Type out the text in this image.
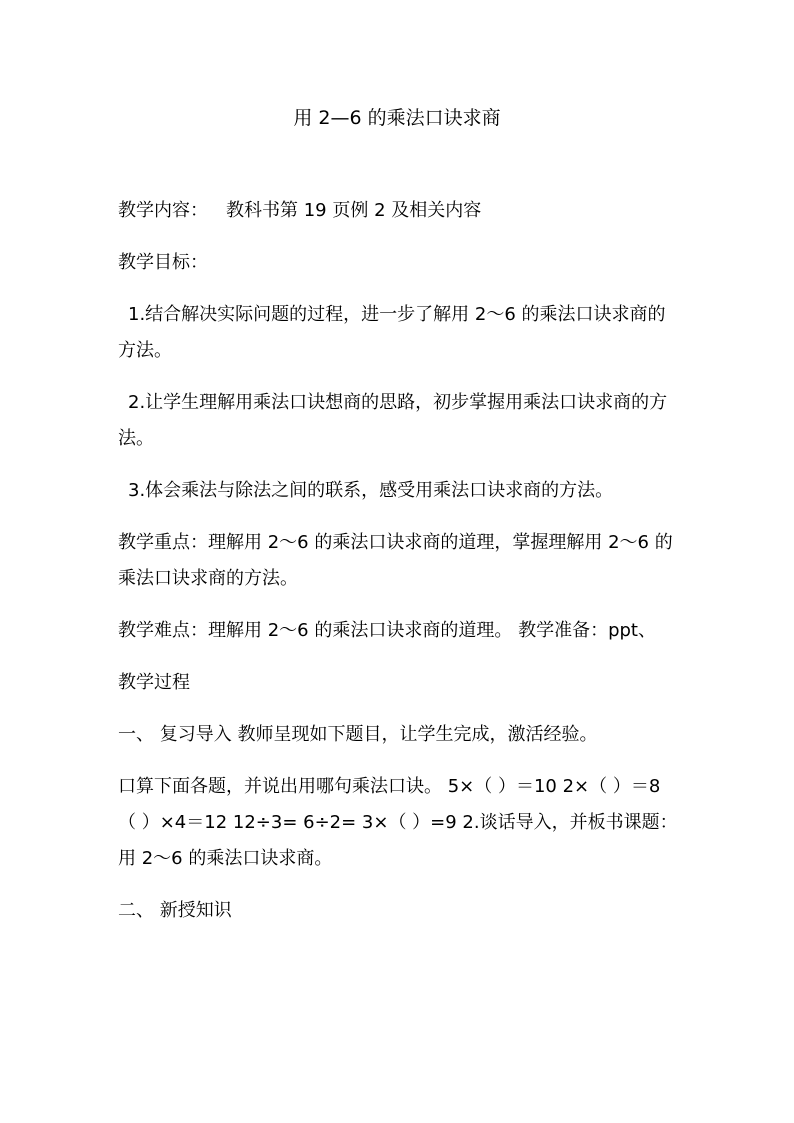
用 2—6 的乘法口诀求商

教学内容： 教科书第 19 页例 2 及相关内容

教学目标：

1.结合解决实际问题的过程，进一步了解用 2～6 的乘法口诀求商的方法。

2.让学生理解用乘法口诀想商的思路，初步掌握用乘法口诀求商的方法。

3.体会乘法与除法之间的联系，感受用乘法口诀求商的方法。

教学重点：理解用 2～6 的乘法口诀求商的道理，掌握理解用 2～6 的乘法口诀求商的方法。

教学难点：理解用 2～6 的乘法口诀求商的道理。 教学准备：ppt、

教学过程

一、 复习导入 教师呈现如下题目，让学生完成，激活经验。

口算下面各题，并说出用哪句乘法口诀。 5×（ ）＝10 2×（ ）＝8 （ ）×4＝12 12÷3= 6÷2= 3×（ ）=9 2.谈话导入，并板书课题：用 2～6 的乘法口诀求商。

二、 新授知识
